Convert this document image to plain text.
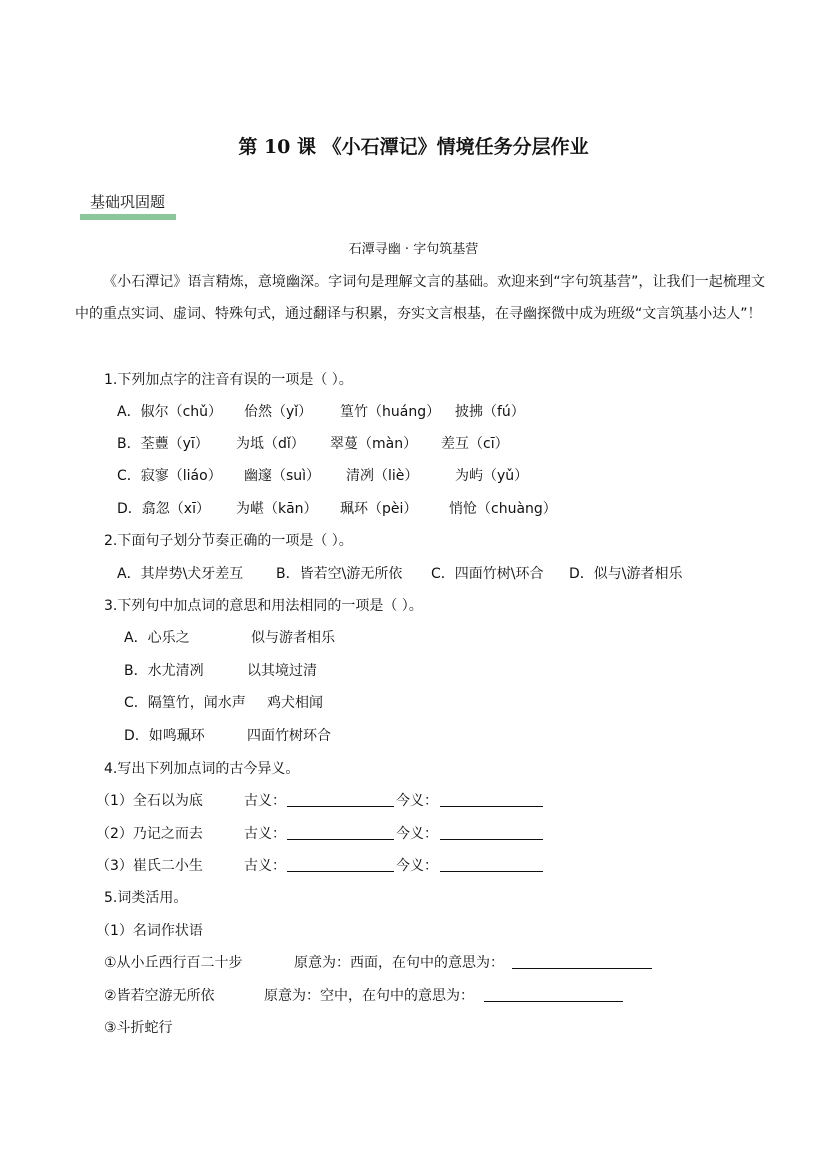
第 10 课 《小石潭记》情境任务分层作业
基础巩固题
石潭寻幽 · 字句筑基营
《小石潭记》语言精炼，意境幽深。字词句是理解文言的基础。欢迎来到“字句筑基营”，让我们一起梳理文中的重点实词、虚词、特殊句式，通过翻译与积累，夯实文言根基，在寻幽探微中成为班级“文言筑基小达人”！
1.下列加点字的注音有误的一项是（ ）。
A．俶尔（chǔ） 佁然（yǐ） 篁竹（huáng） 披拂（fú）
B．荃蘴（yī） 为坻（dǐ） 翠蔓（màn） 差互（cī）
C．寂寥（liáo） 幽邃（suì） 清冽（liè）	为屿（yǔ）
D．翕忽（xī） 为嵁（kān） 珮环（pèi） 悄怆（chuàng）
2.下面句子划分节奏正确的一项是（ ）。
A．其岸势\犬牙差互 B．皆若空\游无所依 C．四面竹树\环合 D．似与\游者相乐
3.下列句中加点词的意思和用法相同的一项是（ ）。
A．心乐之	似与游者相乐
B．水尤清冽	以其境过清
C．隔篁竹，闻水声 鸡犬相闻
D．如鸣珮环	四面竹树环合
4.写出下列加点词的古今异义。
（1）全石以为底	古义：	今义：
（2）乃记之而去	古义：	今义：
（3）崔氏二小生	古义：	今义：
5.词类活用。
（1）名词作状语
①从小丘西行百二十步	原意为：西面，在句中的意思为：
②皆若空游无所依	原意为：空中，在句中的意思为：
③斗折蛇行
